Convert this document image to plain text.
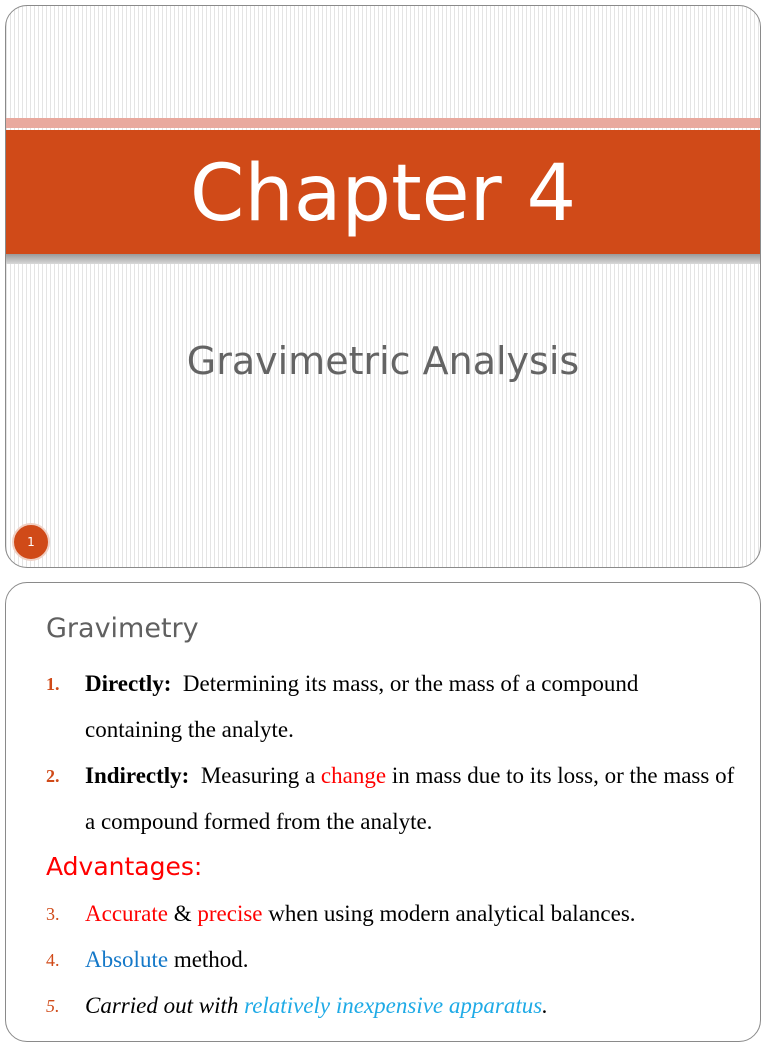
Chapter 4
Gravimetric Analysis
1
Gravimetry
1. Directly:  Determining its mass, or the mass of a compound containing the analyte.
2. Indirectly:  Measuring a change in mass due to its loss, or the mass of a compound formed from the analyte.
Advantages:
3. Accurate & precise when using modern analytical balances.
4. Absolute method.
5. Carried out with relatively inexpensive apparatus.
